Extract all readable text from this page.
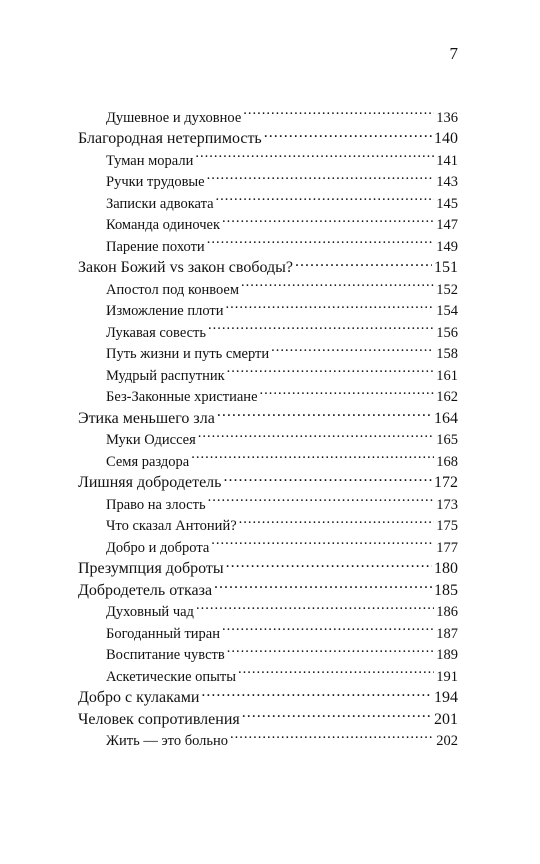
7
Душевное и духовное .....	136
Благородная нетерпимость .....	140
Туман морали .....	141
Ручки трудовые .....	143
Записки адвоката .....	145
Команда одиночек .....	147
Парение похоти .....	149
Закон Божий vs закон свободы? .....	151
Апостол под конвоем .....	152
Изможление плоти .....	154
Лукавая совесть .....	156
Путь жизни и путь смерти .....	158
Мудрый распутник .....	161
Без-Законные христиане .....	162
Этика меньшего зла .....	164
Муки Одиссея .....	165
Семя раздора .....	168
Лишняя добродетель .....	172
Право на злость .....	173
Что сказал Антоний? .....	175
Добро и доброта .....	177
Презумпция доброты .....	180
Добродетель отказа .....	185
Духовный чад .....	186
Богоданный тиран .....	187
Воспитание чувств .....	189
Аскетические опыты .....	191
Добро с кулаками .....	194
Человек сопротивления .....	201
Жить — это больно .....	202
